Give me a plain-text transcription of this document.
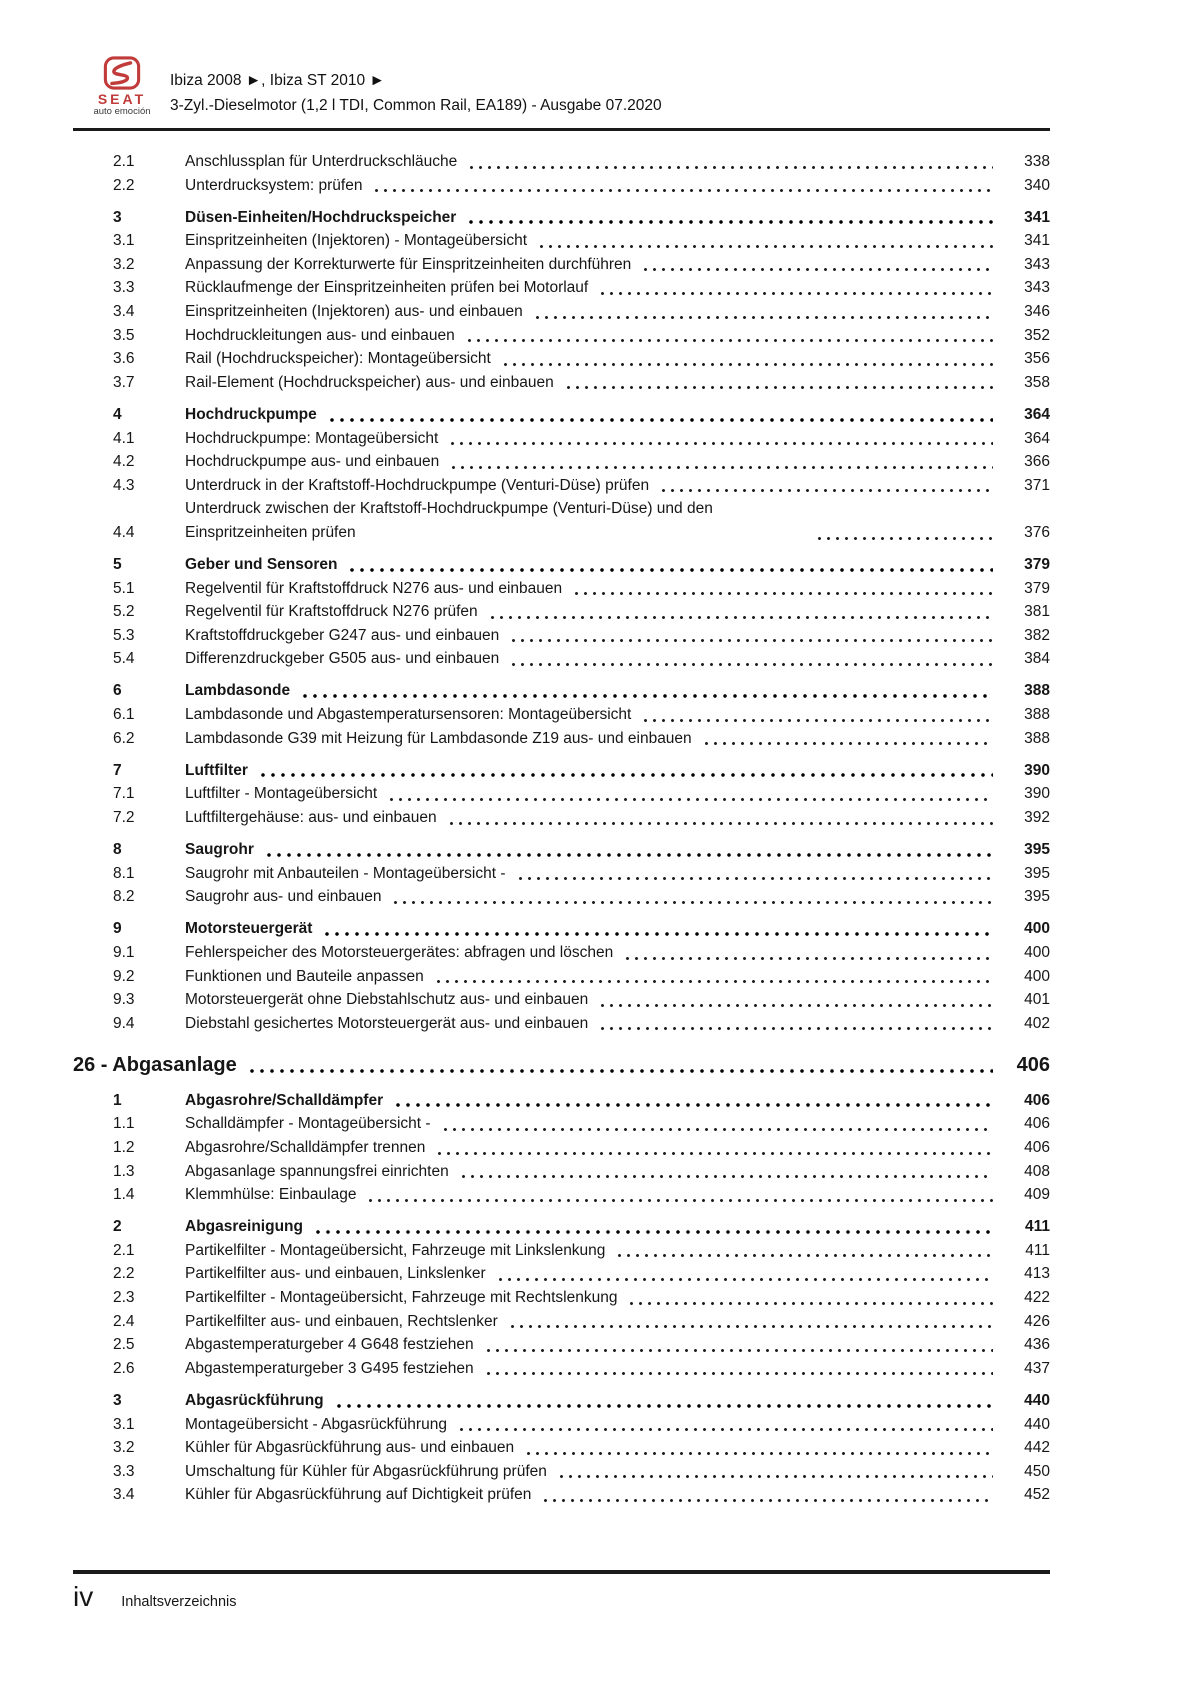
SEAT
auto emoción
Ibiza 2008 ►, Ibiza ST 2010 ►
3-Zyl.-Dieselmotor (1,2 l TDI, Common Rail, EA189) - Ausgabe 07.2020
2.1	Anschlussplan für Unterdruckschläuche	338
2.2	Unterdrucksystem: prüfen	340
3	Düsen-Einheiten/Hochdruckspeicher	341
3.1	Einspritzeinheiten (Injektoren) - Montageübersicht	341
3.2	Anpassung der Korrekturwerte für Einspritzeinheiten durchführen	343
3.3	Rücklaufmenge der Einspritzeinheiten prüfen bei Motorlauf	343
3.4	Einspritzeinheiten (Injektoren) aus- und einbauen	346
3.5	Hochdruckleitungen aus- und einbauen	352
3.6	Rail (Hochdruckspeicher): Montageübersicht	356
3.7	Rail-Element (Hochdruckspeicher) aus- und einbauen	358
4	Hochdruckpumpe	364
4.1	Hochdruckpumpe: Montageübersicht	364
4.2	Hochdruckpumpe aus- und einbauen	366
4.3	Unterdruck in der Kraftstoff-Hochdruckpumpe (Venturi-Düse) prüfen	371
4.4
Unterdruck zwischen der Kraftstoff-Hochdruckpumpe (Venturi-Düse) und den Einspritzeinheiten prüfen	376
5	Geber und Sensoren	379
5.1	Regelventil für Kraftstoffdruck N276 aus- und einbauen	379
5.2	Regelventil für Kraftstoffdruck N276 prüfen	381
5.3	Kraftstoffdruckgeber G247 aus- und einbauen	382
5.4	Differenzdruckgeber G505 aus- und einbauen	384
6	Lambdasonde	388
6.1	Lambdasonde und Abgastemperatursensoren: Montageübersicht	388
6.2	Lambdasonde G39 mit Heizung für Lambdasonde Z19 aus- und einbauen	388
7	Luftfilter	390
7.1	Luftfilter - Montageübersicht	390
7.2	Luftfiltergehäuse: aus- und einbauen	392
8	Saugrohr	395
8.1	Saugrohr mit Anbauteilen - Montageübersicht -	395
8.2	Saugrohr aus- und einbauen	395
9	Motorsteuergerät	400
9.1	Fehlerspeicher des Motorsteuergerätes: abfragen und löschen	400
9.2	Funktionen und Bauteile anpassen	400
9.3	Motorsteuergerät ohne Diebstahlschutz aus- und einbauen	401
9.4	Diebstahl gesichertes Motorsteuergerät aus- und einbauen	402
26 - Abgasanlage	406
1	Abgasrohre/Schalldämpfer	406
1.1	Schalldämpfer - Montageübersicht -	406
1.2	Abgasrohre/Schalldämpfer trennen	406
1.3	Abgasanlage spannungsfrei einrichten	408
1.4	Klemmhülse: Einbaulage	409
2	Abgasreinigung	411
2.1	Partikelfilter - Montageübersicht, Fahrzeuge mit Linkslenkung	411
2.2	Partikelfilter aus- und einbauen, Linkslenker	413
2.3	Partikelfilter - Montageübersicht, Fahrzeuge mit Rechtslenkung	422
2.4	Partikelfilter aus- und einbauen, Rechtslenker	426
2.5	Abgastemperaturgeber 4 G648 festziehen	436
2.6	Abgastemperaturgeber 3 G495 festziehen	437
3	Abgasrückführung	440
3.1	Montageübersicht - Abgasrückführung	440
3.2	Kühler für Abgasrückführung aus- und einbauen	442
3.3	Umschaltung für Kühler für Abgasrückführung prüfen	450
3.4	Kühler für Abgasrückführung auf Dichtigkeit prüfen	452
iv Inhaltsverzeichnis
